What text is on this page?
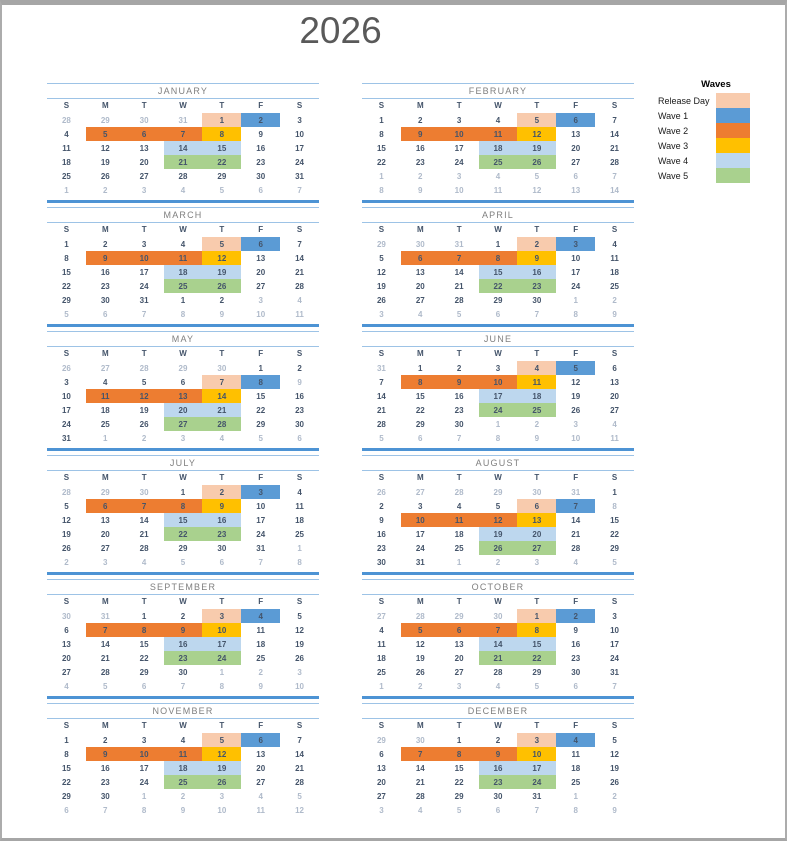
2026
JANUARY
S	M	T	W	T	F	S
28	29	30	31	1	2	3
4	5	6	7	8	9	10
11	12	13	14	15	16	17
18	19	20	21	22	23	24
25	26	27	28	29	30	31
1	2	3	4	5	6	7
FEBRUARY
S	M	T	W	T	F	S
1	2	3	4	5	6	7
8	9	10	11	12	13	14
15	16	17	18	19	20	21
22	23	24	25	26	27	28
1	2	3	4	5	6	7
8	9	10	11	12	13	14
MARCH
S	M	T	W	T	F	S
1	2	3	4	5	6	7
8	9	10	11	12	13	14
15	16	17	18	19	20	21
22	23	24	25	26	27	28
29	30	31	1	2	3	4
5	6	7	8	9	10	11
APRIL
S	M	T	W	T	F	S
29	30	31	1	2	3	4
5	6	7	8	9	10	11
12	13	14	15	16	17	18
19	20	21	22	23	24	25
26	27	28	29	30	1	2
3	4	5	6	7	8	9
MAY
S	M	T	W	T	F	S
26	27	28	29	30	1	2
3	4	5	6	7	8	9
10	11	12	13	14	15	16
17	18	19	20	21	22	23
24	25	26	27	28	29	30
31	1	2	3	4	5	6
JUNE
S	M	T	W	T	F	S
31	1	2	3	4	5	6
7	8	9	10	11	12	13
14	15	16	17	18	19	20
21	22	23	24	25	26	27
28	29	30	1	2	3	4
5	6	7	8	9	10	11
JULY
S	M	T	W	T	F	S
28	29	30	1	2	3	4
5	6	7	8	9	10	11
12	13	14	15	16	17	18
19	20	21	22	23	24	25
26	27	28	29	30	31	1
2	3	4	5	6	7	8
AUGUST
S	M	T	W	T	F	S
26	27	28	29	30	31	1
2	3	4	5	6	7	8
9	10	11	12	13	14	15
16	17	18	19	20	21	22
23	24	25	26	27	28	29
30	31	1	2	3	4	5
SEPTEMBER
S	M	T	W	T	F	S
30	31	1	2	3	4	5
6	7	8	9	10	11	12
13	14	15	16	17	18	19
20	21	22	23	24	25	26
27	28	29	30	1	2	3
4	5	6	7	8	9	10
OCTOBER
S	M	T	W	T	F	S
27	28	29	30	1	2	3
4	5	6	7	8	9	10
11	12	13	14	15	16	17
18	19	20	21	22	23	24
25	26	27	28	29	30	31
1	2	3	4	5	6	7
NOVEMBER
S	M	T	W	T	F	S
1	2	3	4	5	6	7
8	9	10	11	12	13	14
15	16	17	18	19	20	21
22	23	24	25	26	27	28
29	30	1	2	3	4	5
6	7	8	9	10	11	12
DECEMBER
S	M	T	W	T	F	S
29	30	1	2	3	4	5
6	7	8	9	10	11	12
13	14	15	16	17	18	19
20	21	22	23	24	25	26
27	28	29	30	31	1	2
3	4	5	6	7	8	9
Waves
Release Day
Wave 1
Wave 2
Wave 3
Wave 4
Wave 5
